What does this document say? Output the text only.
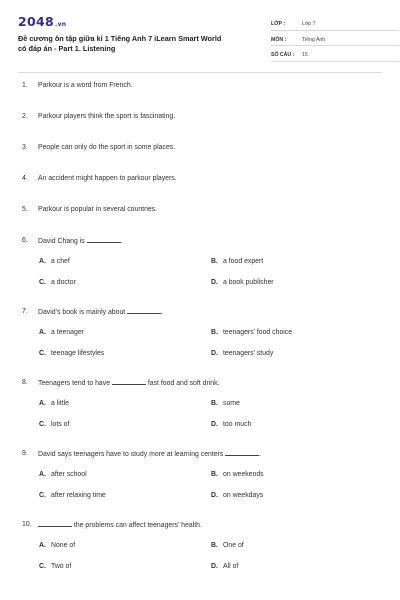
2048.vn
Đề cương ôn tập giữa kì 1 Tiếng Anh 7 iLearn Smart World
có đáp án - Part 1. Listening
LỚP :	Lớp 7
MÔN :	Tiếng Anh
SỐ CÂU :	15
1.	Parkour is a word from French.
2.	Parkour players think the sport is fascinating.
3.	People can only do the sport in some places.
4.	An accident might happen to parkour players.
5.	Parkour is popular in several countries.
6.	David Chang is	.
A. a chef	B. a food expert
C. a doctor	D. a book publisher
7.	David’s book is mainly about	.
A. a teenager	B. teenagers’ food choice
C. teenage lifestyles	D. teenagers’ study
8.	Teenagers tend to have	fast food and soft drink.
A. a little	B. some
C. lots of	D. too much
9.	David says teenagers have to study more at learning centers	.
A. after school	B. on weekends
C. after relaxing time	D. on weekdays
10.	the problems can affect teenagers’ health.
A. None of	B. One of
C. Two of	D. All of
